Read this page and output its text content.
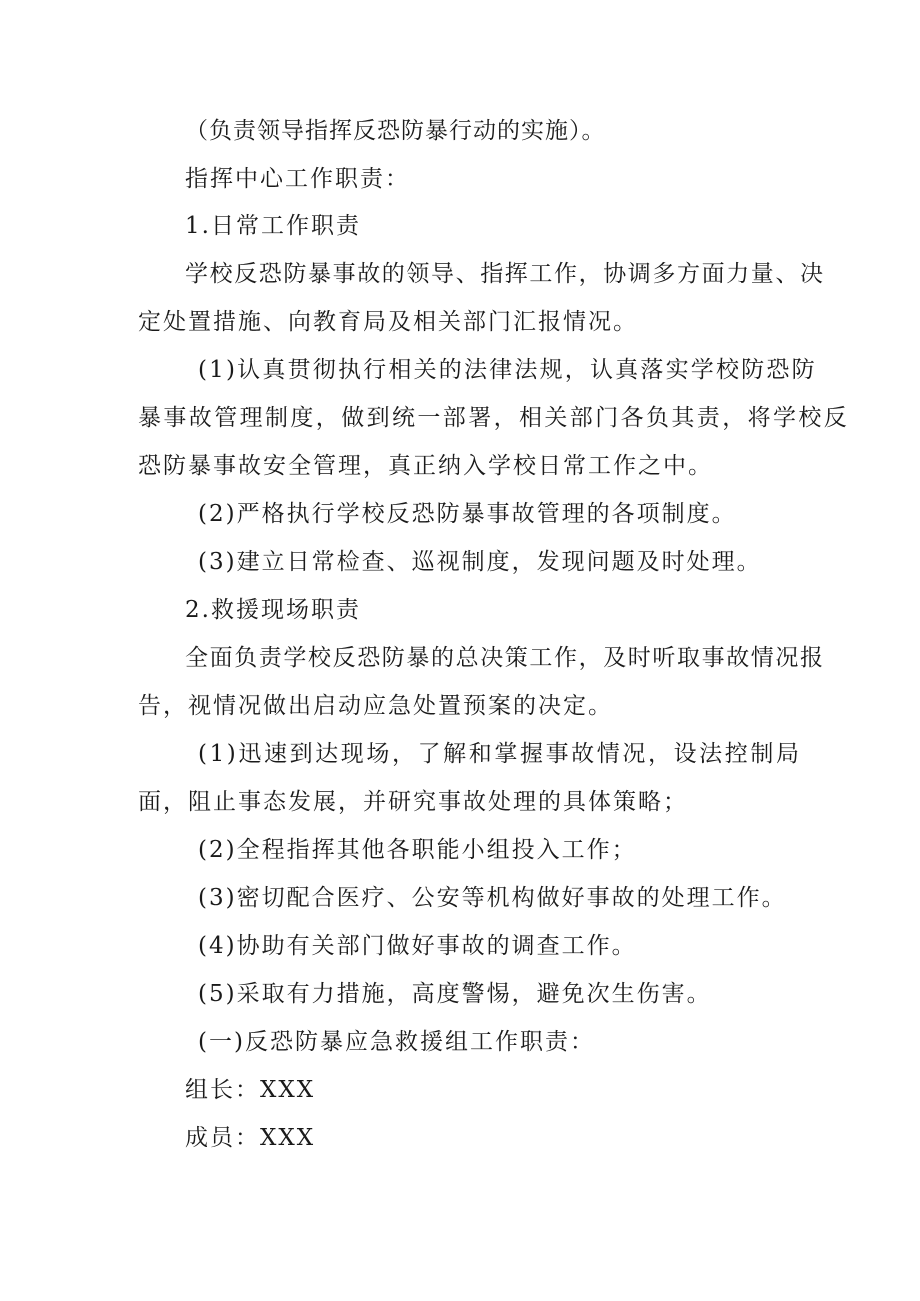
（负责领导指挥反恐防暴行动的实施）。
指挥中心工作职责：
1.日常工作职责
学校反恐防暴事故的领导、指挥工作，协调多方面力量、决
定处置措施、向教育局及相关部门汇报情况。
(1)认真贯彻执行相关的法律法规，认真落实学校防恐防
暴事故管理制度，做到统一部署，相关部门各负其责，将学校反
恐防暴事故安全管理，真正纳入学校日常工作之中。
(2)严格执行学校反恐防暴事故管理的各项制度。
(3)建立日常检查、巡视制度，发现问题及时处理。
2.救援现场职责
全面负责学校反恐防暴的总决策工作，及时听取事故情况报
告，视情况做出启动应急处置预案的决定。
(1)迅速到达现场，了解和掌握事故情况，设法控制局
面，阻止事态发展，并研究事故处理的具体策略；
(2)全程指挥其他各职能小组投入工作；
(3)密切配合医疗、公安等机构做好事故的处理工作。
(4)协助有关部门做好事故的调查工作。
(5)采取有力措施，高度警惕，避免次生伤害。
(一)反恐防暴应急救援组工作职责：
组长：XXX
成员：XXX
